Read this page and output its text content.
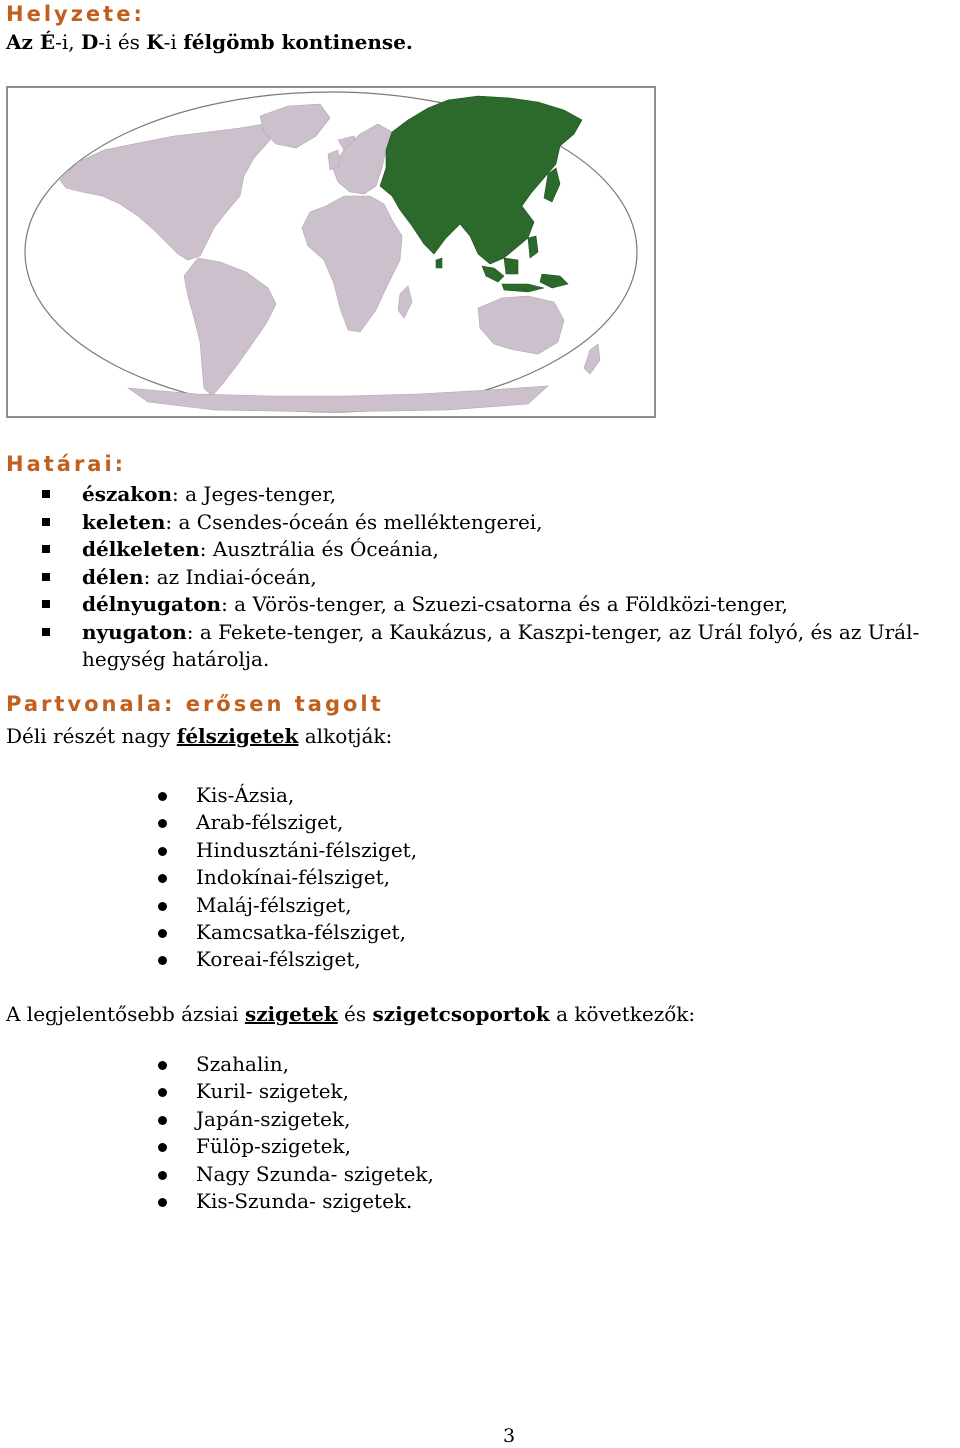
Helyzete:
Az É-i, D-i és K-i félgömb kontinense.
Határai:
északon: a Jeges-tenger,
keleten: a Csendes-óceán és melléktengerei,
délkeleten: Ausztrália és Óceánia,
délen: az Indiai-óceán,
délnyugaton: a Vörös-tenger, a Szuezi-csatorna és a Földközi-tenger,
nyugaton: a Fekete-tenger, a Kaukázus, a Kaszpi-tenger, az Urál folyó, és az Urál-hegység határolja.
Partvonala: erősen tagolt
Déli részét nagy félszigetek alkotják:
Kis-Ázsia,
Arab-félsziget,
Hindusztáni-félsziget,
Indokínai-félsziget,
Maláj-félsziget,
Kamcsatka-félsziget,
Koreai-félsziget,
A legjelentősebb ázsiai szigetek és szigetcsoportok a következők:
Szahalin,
Kuril- szigetek,
Japán-szigetek,
Fülöp-szigetek,
Nagy Szunda- szigetek,
Kis-Szunda- szigetek.
3
